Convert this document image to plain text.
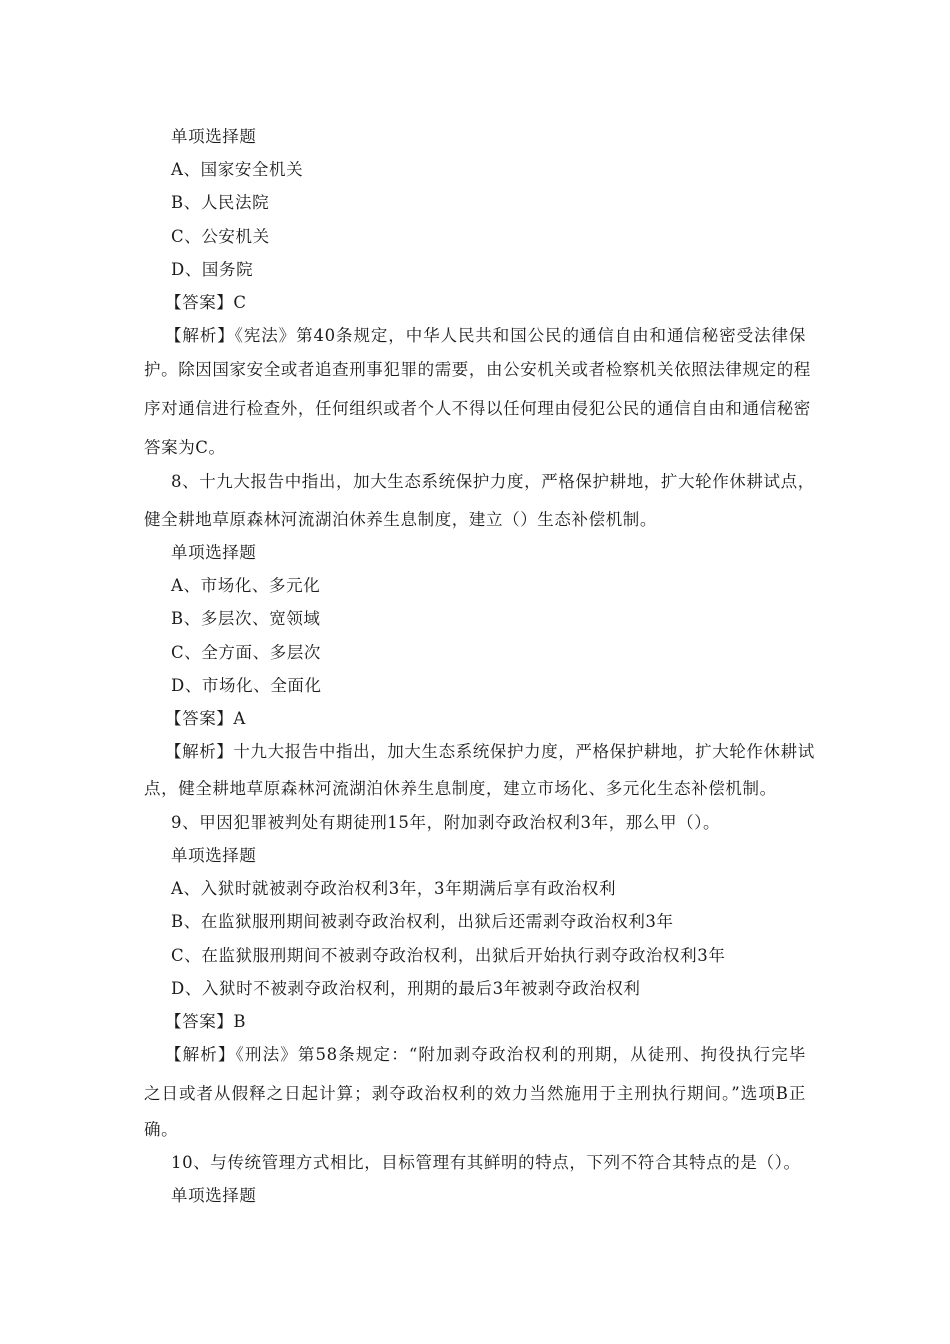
单项选择题
A、国家安全机关
B、人民法院
C、公安机关
D、国务院
【答案】C
【解析】《宪法》第40条规定，中华人民共和国公民的通信自由和通信秘密受法律保
护。除因国家安全或者追查刑事犯罪的需要，由公安机关或者检察机关依照法律规定的程
序对通信进行检查外，任何组织或者个人不得以任何理由侵犯公民的通信自由和通信秘密
答案为C。
8、十九大报告中指出，加大生态系统保护力度，严格保护耕地，扩大轮作休耕试点，
健全耕地草原森林河流湖泊休养生息制度，建立（）生态补偿机制。
单项选择题
A、市场化、多元化
B、多层次、宽领域
C、全方面、多层次
D、市场化、全面化
【答案】A
【解析】十九大报告中指出，加大生态系统保护力度，严格保护耕地，扩大轮作休耕试
点，健全耕地草原森林河流湖泊休养生息制度，建立市场化、多元化生态补偿机制。
9、甲因犯罪被判处有期徒刑15年，附加剥夺政治权利3年，那么甲（）。
单项选择题
A、入狱时就被剥夺政治权利3年，3年期满后享有政治权利
B、在监狱服刑期间被剥夺政治权利，出狱后还需剥夺政治权利3年
C、在监狱服刑期间不被剥夺政治权利，出狱后开始执行剥夺政治权利3年
D、入狱时不被剥夺政治权利，刑期的最后3年被剥夺政治权利
【答案】B
【解析】《刑法》第58条规定：“附加剥夺政治权利的刑期，从徒刑、拘役执行完毕
之日或者从假释之日起计算；剥夺政治权利的效力当然施用于主刑执行期间。”选项B正
确。
10、与传统管理方式相比，目标管理有其鲜明的特点，下列不符合其特点的是（）。
单项选择题
